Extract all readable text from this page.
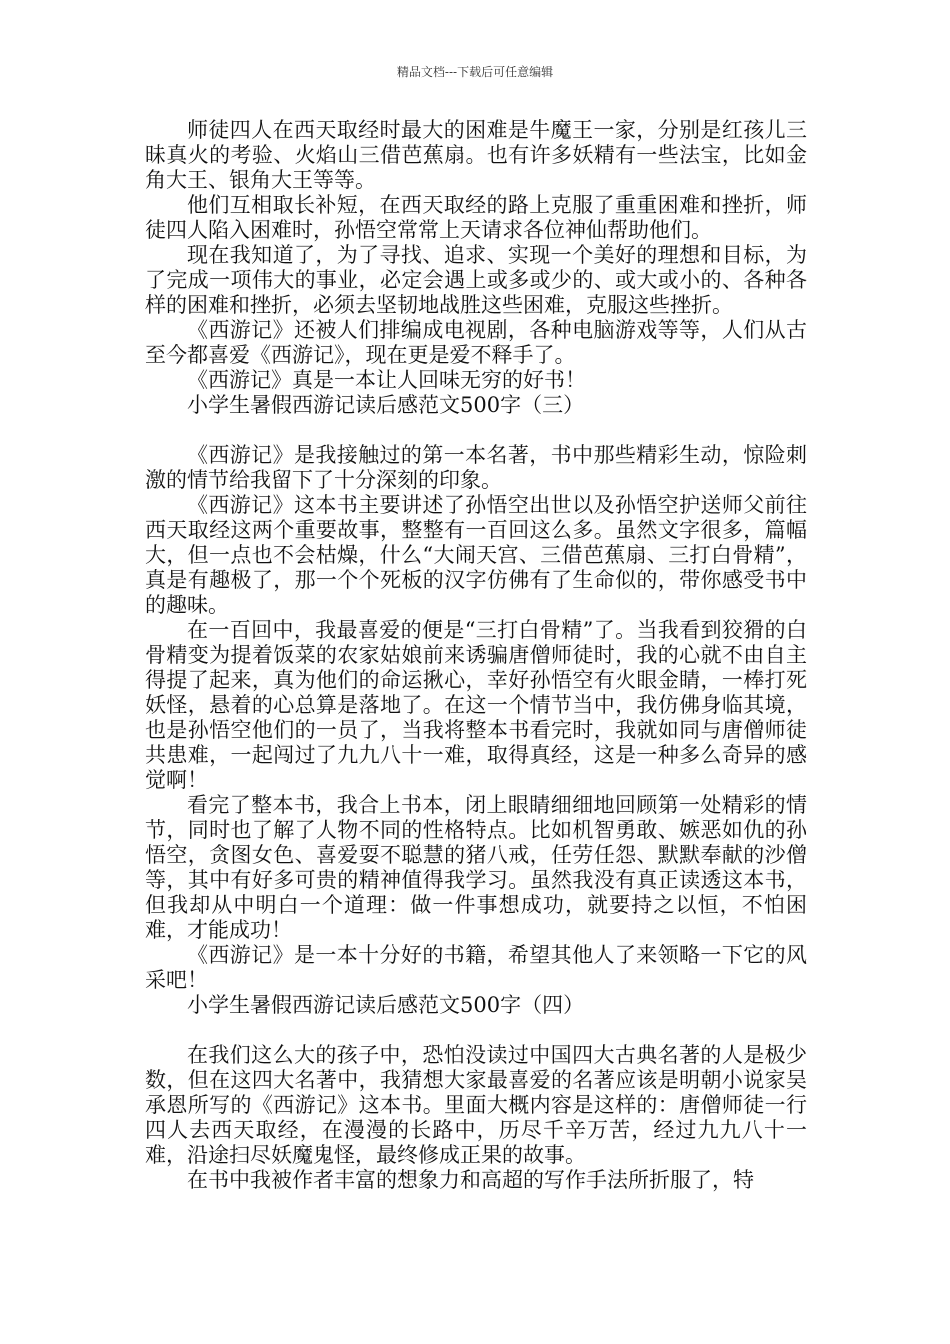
精品文档---下载后可任意编辑

师徒四人在西天取经时最大的困难是牛魔王一家，分别是红孩儿三昧真火的考验、火焰山三借芭蕉扇。也有许多妖精有一些法宝，比如金角大王、银角大王等等。

他们互相取长补短，在西天取经的路上克服了重重困难和挫折，师徒四人陷入困难时，孙悟空常常上天请求各位神仙帮助他们。

现在我知道了，为了寻找、追求、实现一个美好的理想和目标，为了完成一项伟大的事业，必定会遇上或多或少的、或大或小的、各种各样的困难和挫折，必须去坚韧地战胜这些困难，克服这些挫折。

《西游记》还被人们排编成电视剧，各种电脑游戏等等，人们从古至今都喜爱《西游记》，现在更是爱不释手了。

《西游记》真是一本让人回味无穷的好书！

小学生暑假西游记读后感范文500字（三）

《西游记》是我接触过的第一本名著，书中那些精彩生动，惊险刺激的情节给我留下了十分深刻的印象。

《西游记》这本书主要讲述了孙悟空出世以及孙悟空护送师父前往西天取经这两个重要故事，整整有一百回这么多。虽然文字很多，篇幅大，但一点也不会枯燥，什么“大闹天宫、三借芭蕉扇、三打白骨精”，真是有趣极了，那一个个死板的汉字仿佛有了生命似的，带你感受书中的趣味。

在一百回中，我最喜爱的便是“三打白骨精”了。当我看到狡猾的白骨精变为提着饭菜的农家姑娘前来诱骗唐僧师徒时，我的心就不由自主得提了起来，真为他们的命运揪心，幸好孙悟空有火眼金睛，一棒打死妖怪，悬着的心总算是落地了。在这一个情节当中，我仿佛身临其境，也是孙悟空他们的一员了，当我将整本书看完时，我就如同与唐僧师徒共患难，一起闯过了九九八十一难，取得真经，这是一种多么奇异的感觉啊！

看完了整本书，我合上书本，闭上眼睛细细地回顾第一处精彩的情节，同时也了解了人物不同的性格特点。比如机智勇敢、嫉恶如仇的孙悟空，贪图女色、喜爱耍不聪慧的猪八戒，任劳任怨、默默奉献的沙僧等，其中有好多可贵的精神值得我学习。虽然我没有真正读透这本书，但我却从中明白一个道理：做一件事想成功，就要持之以恒，不怕困难，才能成功！

《西游记》是一本十分好的书籍，希望其他人了来领略一下它的风采吧！

小学生暑假西游记读后感范文500字（四）

在我们这么大的孩子中，恐怕没读过中国四大古典名著的人是极少数，但在这四大名著中，我猜想大家最喜爱的名著应该是明朝小说家吴承恩所写的《西游记》这本书。里面大概内容是这样的：唐僧师徒一行四人去西天取经，在漫漫的长路中，历尽千辛万苦，经过九九八十一难，沿途扫尽妖魔鬼怪，最终修成正果的故事。

在书中我被作者丰富的想象力和高超的写作手法所折服了，特
